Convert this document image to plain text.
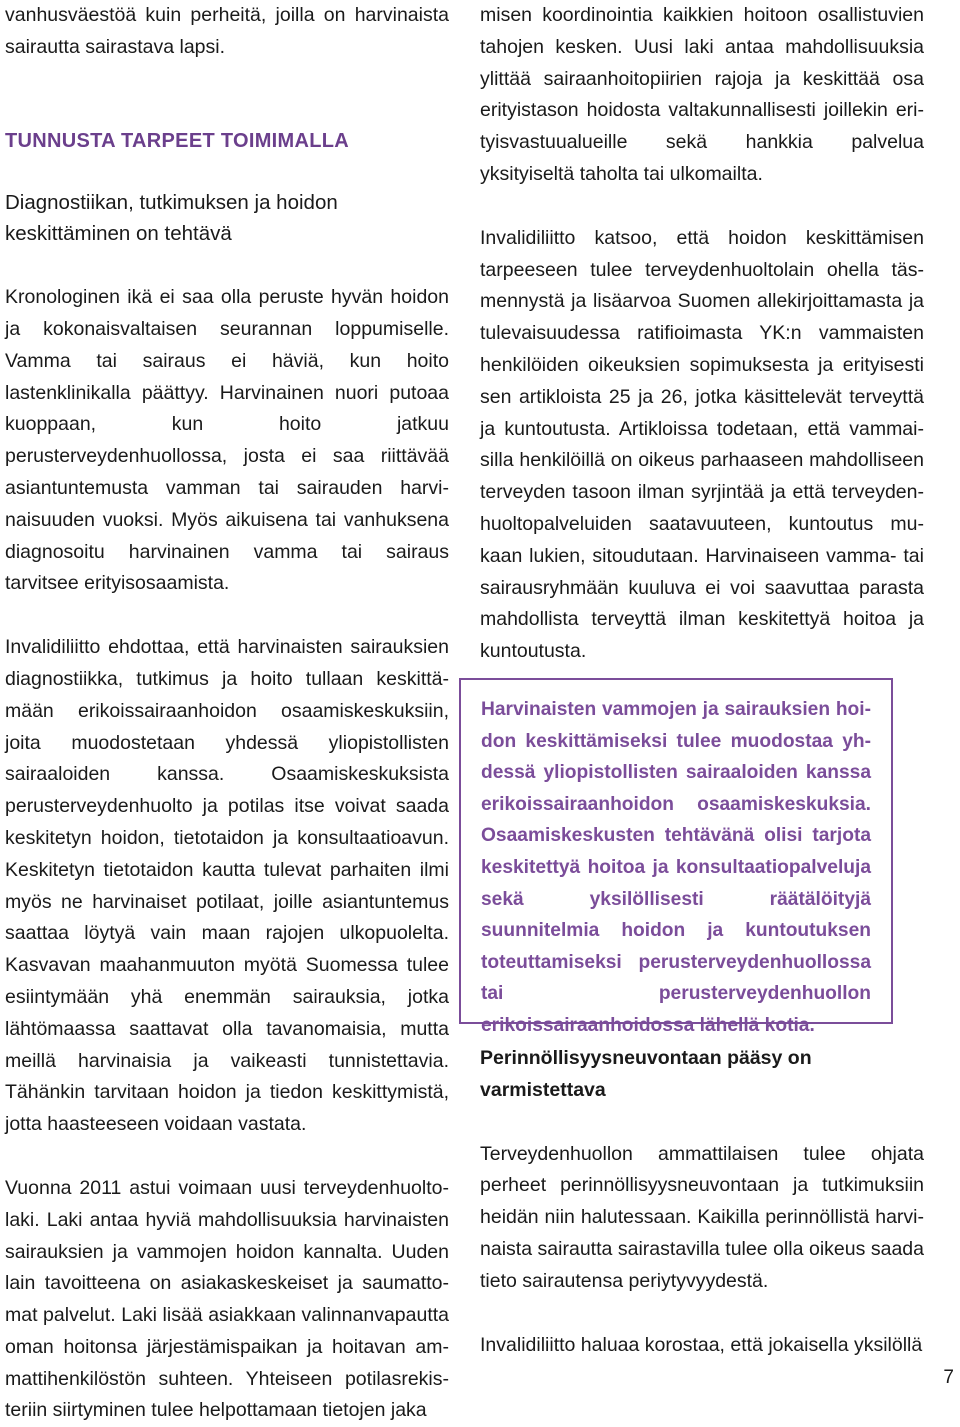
vanhusväestöä kuin perheitä, joilla on harvinaista sairautta sairastava lapsi.

TUNNUSTA TARPEET TOIMIMALLA
Diagnostiikan, tutkimuksen ja hoidon keskittäminen on tehtävä

Kronologinen ikä ei saa olla peruste hyvän hoidon ja kokonaisvaltaisen seurannan loppumiselle. Vamma tai sairaus ei häviä, kun hoito lastenklinikalla päättyy. Harvinainen nuori putoaa kuoppaan, kun hoito jatkuu perusterveydenhuollossa, josta ei saa riittävää asiantuntemusta vamman tai sairauden harvinaisuuden vuoksi. Myös aikuisena tai vanhuksena diagnosoitu harvinainen vamma tai sairaus tarvitsee erityisosaamista.

Invalidiliitto ehdottaa, että harvinaisten sairauksien diagnostiikka, tutkimus ja hoito tullaan keskittämään erikoissairaanhoidon osaamiskeskuksiin, joita muodostetaan yhdessä yliopistollisten sairaaloiden kanssa. Osaamiskeskuksista perusterveydenhuolto ja potilas itse voivat saada keskitetyn hoidon, tietotaidon ja konsultaatioavun. Keskitetyn tietotaidon kautta tulevat parhaiten ilmi myös ne harvinaiset potilaat, joille asiantuntemus saattaa löytyä vain maan rajojen ulkopuolelta. Kasvavan maahanmuuton myötä Suomessa tulee esiintymään yhä enemmän sairauksia, jotka lähtömaassa saattavat olla tavanomaisia, mutta meillä harvinaisia ja vaikeasti tunnistettavia. Tähänkin tarvitaan hoidon ja tiedon keskittymistä, jotta haasteeseen voidaan vastata.

Vuonna 2011 astui voimaan uusi terveydenhuoltolaki. Laki antaa hyviä mahdollisuuksia harvinaisten sairauksien ja vammojen hoidon kannalta. Uuden lain tavoitteena on asiakaskeskeiset ja saumattomat palvelut. Laki lisää asiakkaan valinnanvapautta oman hoitonsa järjestämispaikan ja hoitavan ammattihenkilöstön suhteen. Yhteiseen potilasrekisteriin siirtyminen tulee helpottamaan tietojen jaka

misen koordinointia kaikkien hoitoon osallistuvien tahojen kesken. Uusi laki antaa mahdollisuuksia ylittää sairaanhoitopiirien rajoja ja keskittää osa erityistason hoidosta valtakunnallisesti joillekin erityisvastuualueille sekä hankkia palvelua yksityiseltä taholta tai ulkomailta.

Invalidiliitto katsoo, että hoidon keskittämisen tarpeeseen tulee terveydenhuoltolain ohella täsmennystä ja lisäarvoa Suomen allekirjoittamasta ja tulevaisuudessa ratifioimasta YK:n vammaisten henkilöiden oikeuksien sopimuksesta ja erityisesti sen artikloista 25 ja 26, jotka käsittelevät terveyttä ja kuntoutusta. Artikloissa todetaan, että vammaisilla henkilöillä on oikeus parhaaseen mahdolliseen terveyden tasoon ilman syrjintää ja että terveydenhuoltopalveluiden saatavuuteen, kuntoutus mukaan lukien, sitoudutaan. Harvinaiseen vamma- tai sairausryhmään kuuluva ei voi saavuttaa parasta mahdollista terveyttä ilman keskitettyä hoitoa ja kuntoutusta.

Harvinaisten vammojen ja sairauksien hoidon keskittämiseksi tulee muodostaa yhdessä yliopistollisten sairaaloiden kanssa erikoissairaanhoidon osaamiskeskuksia. Osaamiskeskusten tehtävänä olisi tarjota keskitettyä hoitoa ja konsultaatiopalveluja sekä yksilöllisesti räätälöityjä suunnitelmia hoidon ja kuntoutuksen toteuttamiseksi perusterveydenhuollossa tai perusterveydenhuollon erikoissairaanhoidossa lähellä kotia.

Perinnöllisyysneuvontaan pääsy on varmistettava

Terveydenhuollon ammattilaisen tulee ohjata perheet perinnöllisyysneuvontaan ja tutkimuksiin heidän niin halutessaan. Kaikilla perinnöllistä harvinaista sairautta sairastavilla tulee olla oikeus saada tieto sairautensa periytyvyydestä.

Invalidiliitto haluaa korostaa, että jokaisella yksilöllä

7
